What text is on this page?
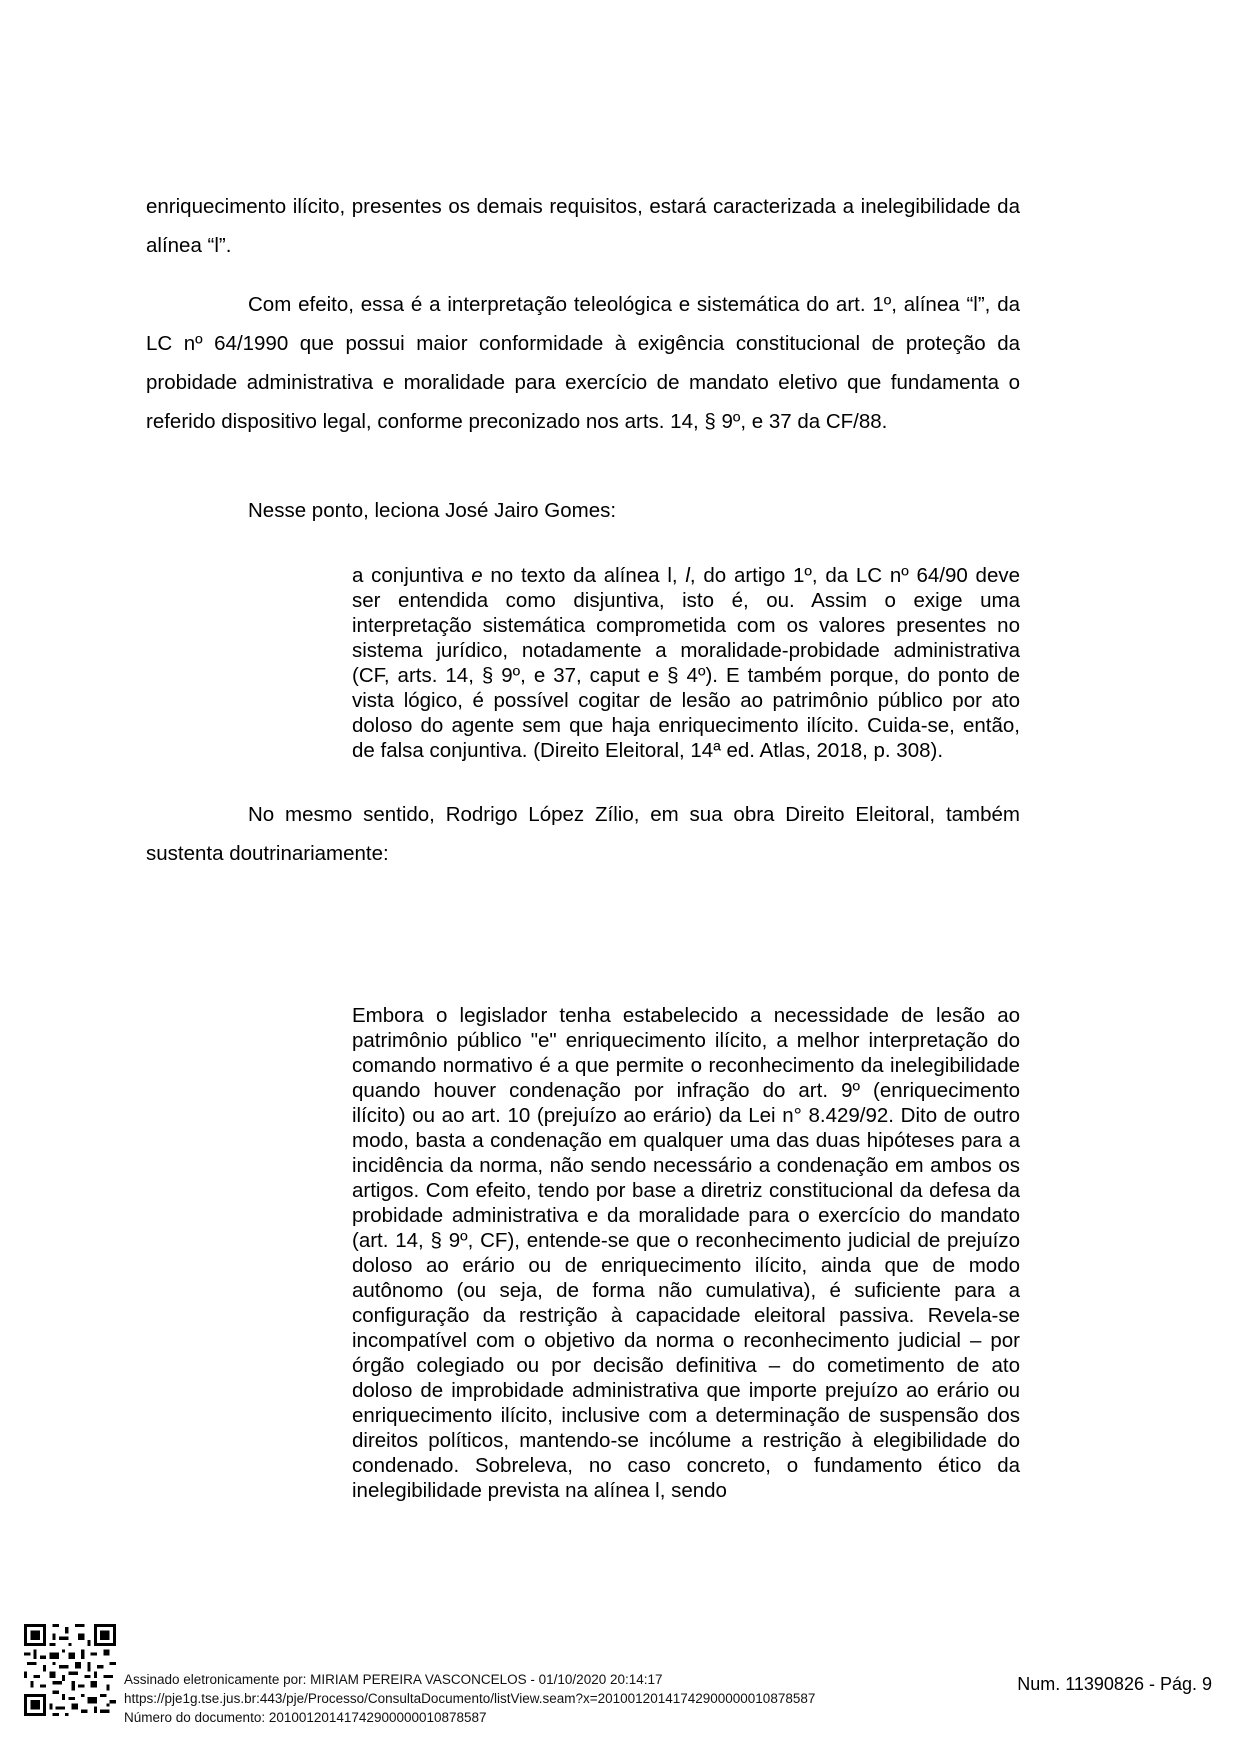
enriquecimento ilícito, presentes os demais requisitos, estará caracterizada a inelegibilidade da alínea “l”.

Com efeito, essa é a interpretação teleológica e sistemática do art. 1º, alínea “l”, da LC nº 64/1990 que possui maior conformidade à exigência constitucional de proteção da probidade administrativa e moralidade para exercício de mandato eletivo que fundamenta o referido dispositivo legal, conforme preconizado nos arts. 14, § 9º, e 37 da CF/88.

Nesse ponto, leciona José Jairo Gomes:

a conjuntiva e no texto da alínea l, l, do artigo 1º, da LC nº 64/90 deve ser entendida como disjuntiva, isto é, ou. Assim o exige uma interpretação sistemática comprometida com os valores presentes no sistema jurídico, notadamente a moralidade-probidade administrativa (CF, arts. 14, § 9º, e 37, caput e § 4º). E também porque, do ponto de vista lógico, é possível cogitar de lesão ao patrimônio público por ato doloso do agente sem que haja enriquecimento ilícito. Cuida-se, então, de falsa conjuntiva. (Direito Eleitoral, 14ª ed. Atlas, 2018, p. 308).

No mesmo sentido, Rodrigo López Zílio, em sua obra Direito Eleitoral, também sustenta doutrinariamente:

Embora o legislador tenha estabelecido a necessidade de lesão ao patrimônio público "e" enriquecimento ilícito, a melhor interpretação do comando normativo é a que permite o reconhecimento da inelegibilidade quando houver condenação por infração do art. 9º (enriquecimento ilícito) ou ao art. 10 (prejuízo ao erário) da Lei n° 8.429/92. Dito de outro modo, basta a condenação em qualquer uma das duas hipóteses para a incidência da norma, não sendo necessário a condenação em ambos os artigos. Com efeito, tendo por base a diretriz constitucional da defesa da probidade administrativa e da moralidade para o exercício do mandato (art. 14, § 9º, CF), entende-se que o reconhecimento judicial de prejuízo doloso ao erário ou de enriquecimento ilícito, ainda que de modo autônomo (ou seja, de forma não cumulativa), é suficiente para a configuração da restrição à capacidade eleitoral passiva. Revela-se incompatível com o objetivo da norma o reconhecimento judicial – por órgão colegiado ou por decisão definitiva – do cometimento de ato doloso de improbidade administrativa que importe prejuízo ao erário ou enriquecimento ilícito, inclusive com a determinação de suspensão dos direitos políticos, mantendo-se incólume a restrição à elegibilidade do condenado. Sobreleva, no caso concreto, o fundamento ético da inelegibilidade prevista na alínea l, sendo

Assinado eletronicamente por: MIRIAM PEREIRA VASCONCELOS - 01/10/2020 20:14:17
https://pje1g.tse.jus.br:443/pje/Processo/ConsultaDocumento/listView.seam?x=20100120141742900000010878587
Número do documento: 20100120141742900000010878587
Num. 11390826 - Pág. 9
